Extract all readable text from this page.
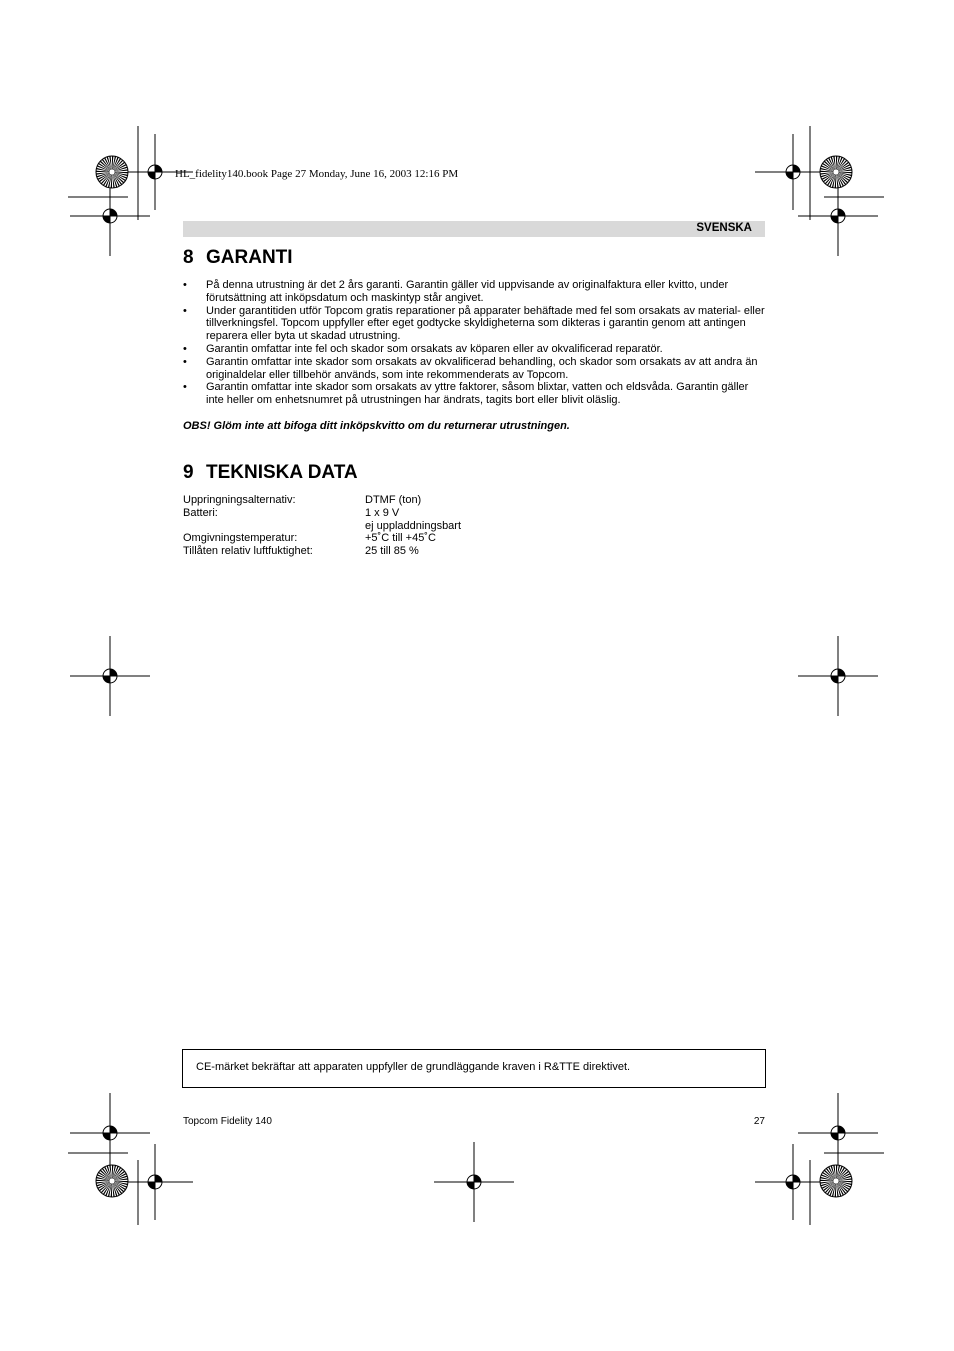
HL_fidelity140.book Page 27 Monday, June 16, 2003 12:16 PM
SVENSKA
8 GARANTI
• På denna utrustning är det 2 års garanti. Garantin gäller vid uppvisande av originalfaktura eller kvitto, under förutsättning att inköpsdatum och maskintyp står angivet.
• Under garantitiden utför Topcom gratis reparationer på apparater behäftade med fel som orsakats av material- eller tillverkningsfel. Topcom uppfyller efter eget godtycke skyldigheterna som dikteras i garantin genom att antingen reparera eller byta ut skadad utrustning.
• Garantin omfattar inte fel och skador som orsakats av köparen eller av okvalificerad reparatör.
• Garantin omfattar inte skador som orsakats av okvalificerad behandling, och skador som orsakats av att andra än originaldelar eller tillbehör används, som inte rekommenderats av Topcom.
• Garantin omfattar inte skador som orsakats av yttre faktorer, såsom blixtar, vatten och eldsvåda. Garantin gäller inte heller om enhetsnumret på utrustningen har ändrats, tagits bort eller blivit oläslig.
OBS! Glöm inte att bifoga ditt inköpskvitto om du returnerar utrustningen.
9 TEKNISKA DATA
Uppringningsalternativ:	DTMF (ton)
Batteri:	1 x 9 V
	ej uppladdningsbart
Omgivningstemperatur:	+5˚C till +45˚C
Tillåten relativ luftfuktighet:	25 till 85 %
CE-märket bekräftar att apparaten uppfyller de grundläggande kraven i R&TTE direktivet.
Topcom Fidelity 140	27
